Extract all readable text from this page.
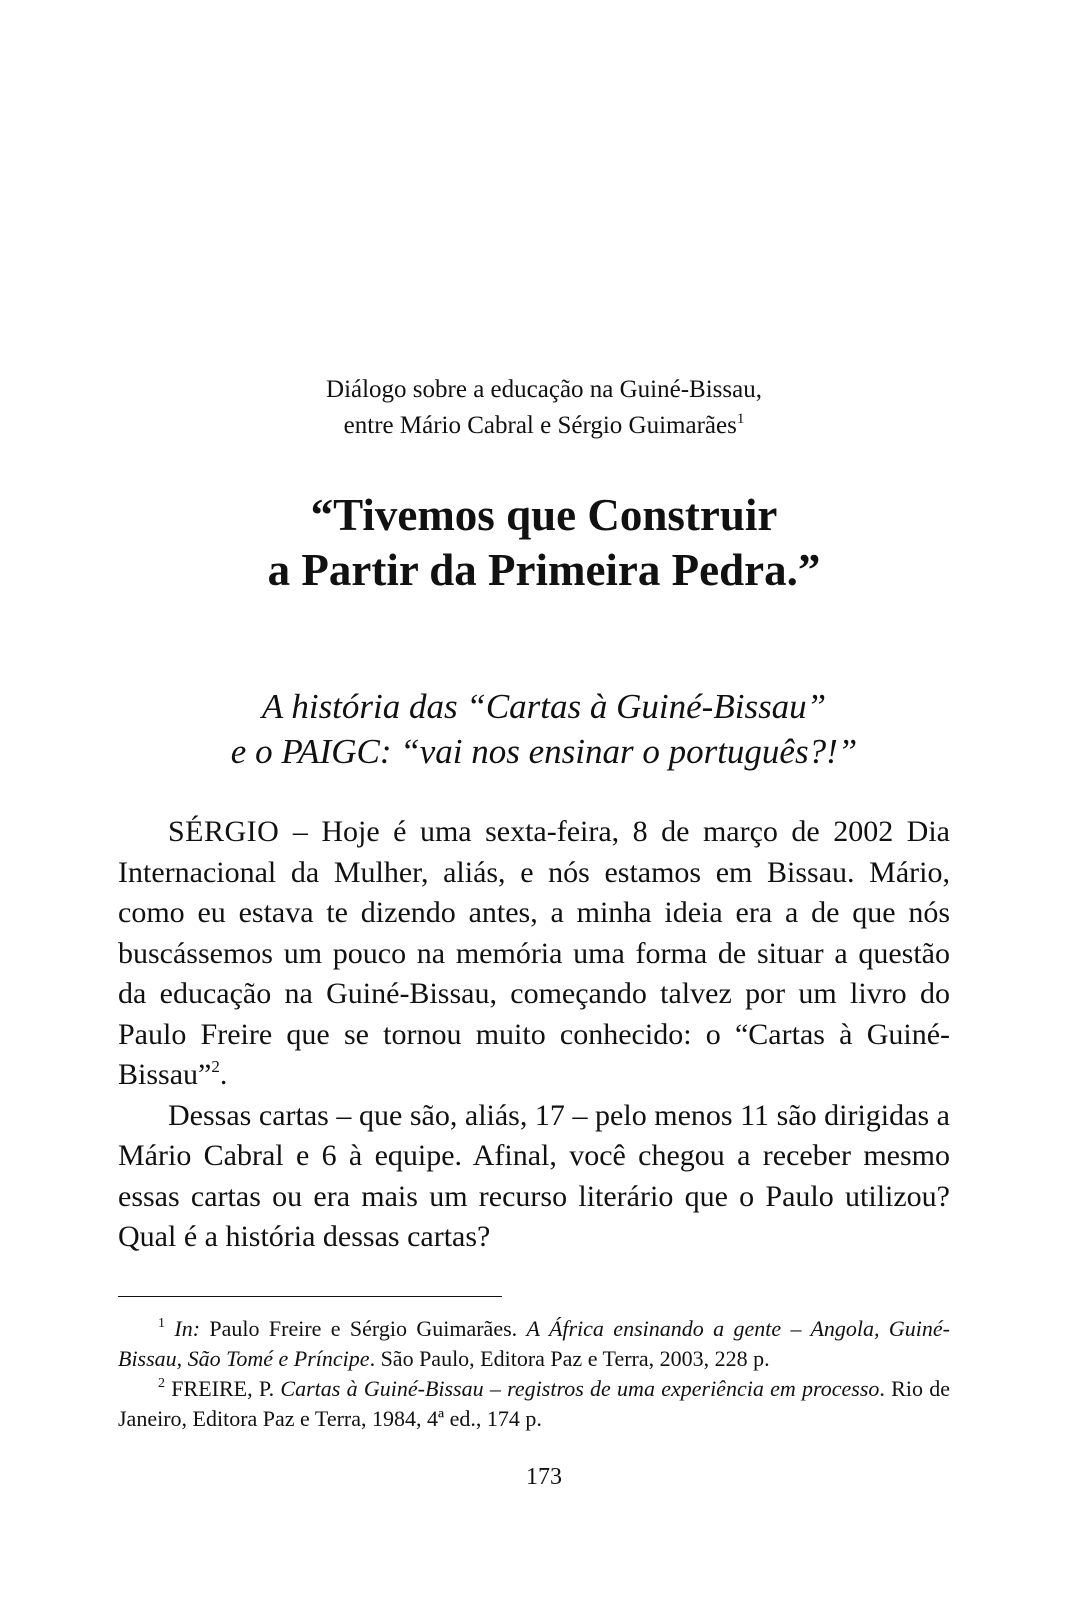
Diálogo sobre a educação na Guiné-Bissau,
entre Mário Cabral e Sérgio Guimarães$^1$
“Tivemos que Construir
a Partir da Primeira Pedra.”
A história das “Cartas à Guiné-Bissau”
e o PAIGC: “vai nos ensinar o português?!”

SÉRGIO – Hoje é uma sexta-feira, 8 de março de 2002 Dia Internacional da Mulher, aliás, e nós estamos em Bissau. Mário, como eu estava te dizendo antes, a minha ideia era a de que nós buscássemos um pouco na memória uma forma de situar a questão da educação na Guiné-Bissau, começando talvez por um livro do Paulo Freire que se tornou muito conhecido: o “Cartas à Guiné-Bissau”$^2$.

Dessas cartas – que são, aliás, 17 – pelo menos 11 são dirigidas a Mário Cabral e 6 à equipe. Afinal, você chegou a receber mesmo essas cartas ou era mais um recurso literário que o Paulo utilizou? Qual é a história dessas cartas?

$^1$ In: Paulo Freire e Sérgio Guimarães. A África ensinando a gente – Angola, Guiné-Bissau, São Tomé e Príncipe. São Paulo, Editora Paz e Terra, 2003, 228 p.

$^2$ FREIRE, P. Cartas à Guiné-Bissau – registros de uma experiência em processo. Rio de Janeiro, Editora Paz e Terra, 1984, 4ª ed., 174 p.

173
